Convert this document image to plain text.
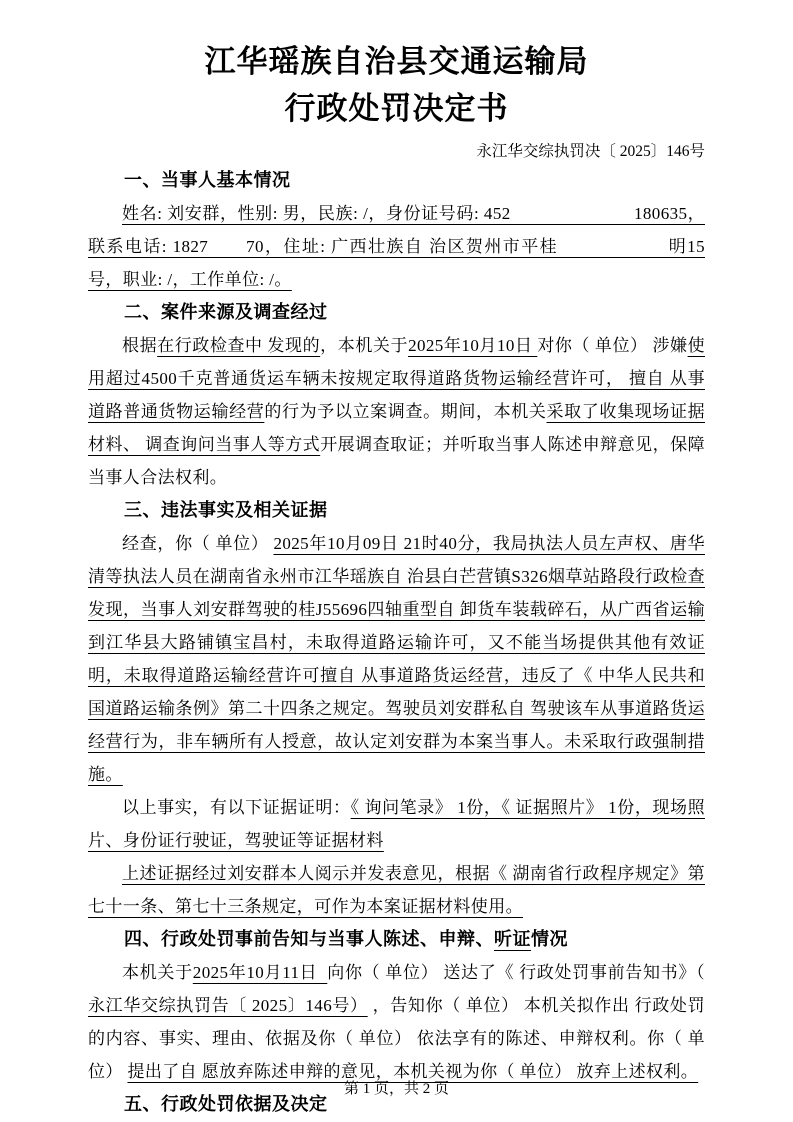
江华瑶族自治县交通运输局
行政处罚决定书
永江华交综执罚决〔 2025〕146号
一、当事人基本情况

姓名: 刘安群，性别: 男，民族: /，身份证号码: 452　　　　　　　180635，联系电话: 1827　　70，住址: 广西壮族自 治区贺州市平桂　　　　　　明15号，职业: /，工作单位: /。

二、案件来源及调查经过

根据在行政检查中 发现的，本机关于2025年10月10日 对你（ 单位） 涉嫌使用超过4500千克普通货运车辆未按规定取得道路货物运输经营许可， 擅自 从事道路普通货物运输经营的行为予以立案调查。期间，本机关采取了收集现场证据材料、 调查询问当事人等方式开展调查取证；并听取当事人陈述申辩意见，保障当事人合法权利。

三、违法事实及相关证据

经查，你（ 单位） 2025年10月09日 21时40分，我局执法人员左声权、唐华清等执法人员在湖南省永州市江华瑶族自 治县白芒营镇S326烟草站路段行政检查发现，当事人刘安群驾驶的桂J55696四轴重型自 卸货车装载碎石，从广西省运输到江华县大路铺镇宝昌村，未取得道路运输许可，又不能当场提供其他有效证明，未取得道路运输经营许可擅自 从事道路货运经营，违反了《 中华人民共和国道路运输条例》第二十四条之规定。驾驶员刘安群私自 驾驶该车从事道路货运经营行为，非车辆所有人授意，故认定刘安群为本案当事人。未采取行政强制措施。

以上事实，有以下证据证明：《 询问笔录》 1份，《 证据照片》 1份，现场照片、身份证行驶证，驾驶证等证据材料

上述证据经过刘安群本人阅示并发表意见，根据《 湖南省行政程序规定》第七十一条、第七十三条规定，可作为本案证据材料使用。

四、行政处罚事前告知与当事人陈述、申辩、听证情况

本机关于2025年10月11日  向你（ 单位） 送达了《 行政处罚事前告知书》（ 永江华交综执罚告〔 2025〕146号） ，告知你（ 单位） 本机关拟作出 行政处罚的内容、事实、理由、依据及你（ 单位） 依法享有的陈述、申辩权利。你（ 单位） 提出了自 愿放弃陈述申辩的意见，本机关视为你（ 单位） 放弃上述权利。

五、行政处罚依据及决定
第 1 页，共 2 页
